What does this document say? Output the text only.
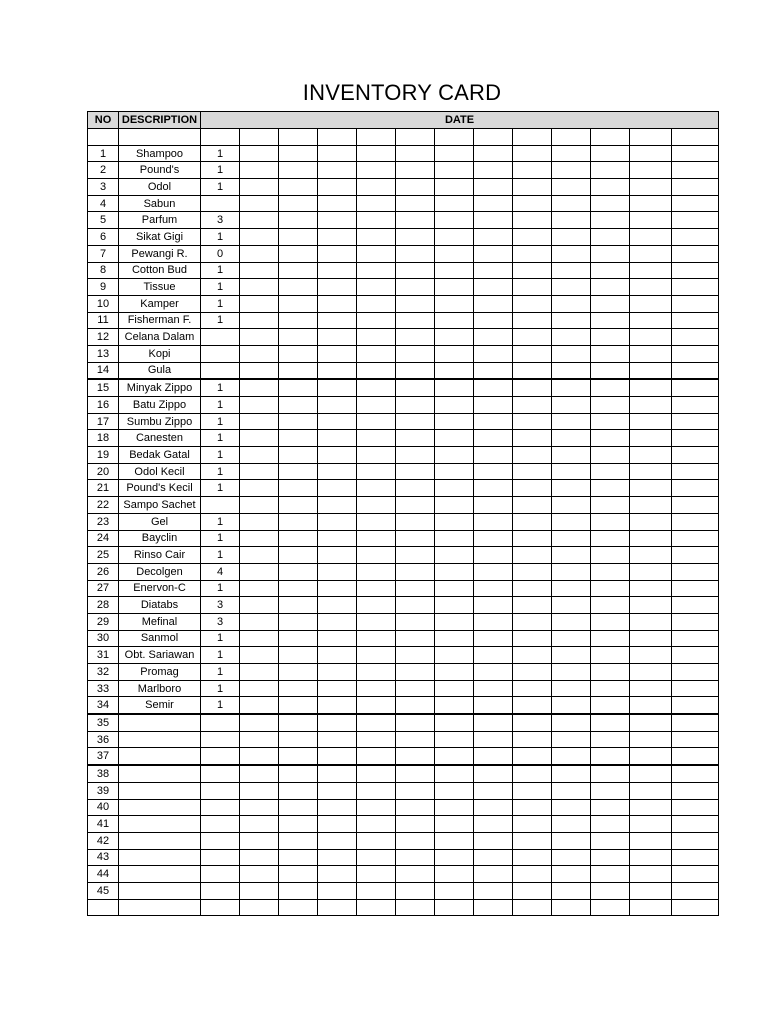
INVENTORY CARD
NO	DESCRIPTION	DATE												

1	Shampoo	1												
2	Pound's	1												
3	Odol	1												
4	Sabun													
5	Parfum	3												
6	Sikat Gigi	1												
7	Pewangi R.	0												
8	Cotton Bud	1												
9	Tissue	1												
10	Kamper	1												
11	Fisherman F.	1												
12	Celana Dalam													
13	Kopi													
14	Gula													
15	Minyak Zippo	1												
16	Batu Zippo	1												
17	Sumbu Zippo	1												
18	Canesten	1												
19	Bedak Gatal	1												
20	Odol Kecil	1												
21	Pound's Kecil	1												
22	Sampo Sachet													
23	Gel	1												
24	Bayclin	1												
25	Rinso Cair	1												
26	Decolgen	4												
27	Enervon-C	1												
28	Diatabs	3												
29	Mefinal	3												
30	Sanmol	1												
31	Obt. Sariawan	1												
32	Promag	1												
33	Marlboro	1												
34	Semir	1												
35														
36														
37														
38														
39														
40														
41														
42														
43														
44														
45														
